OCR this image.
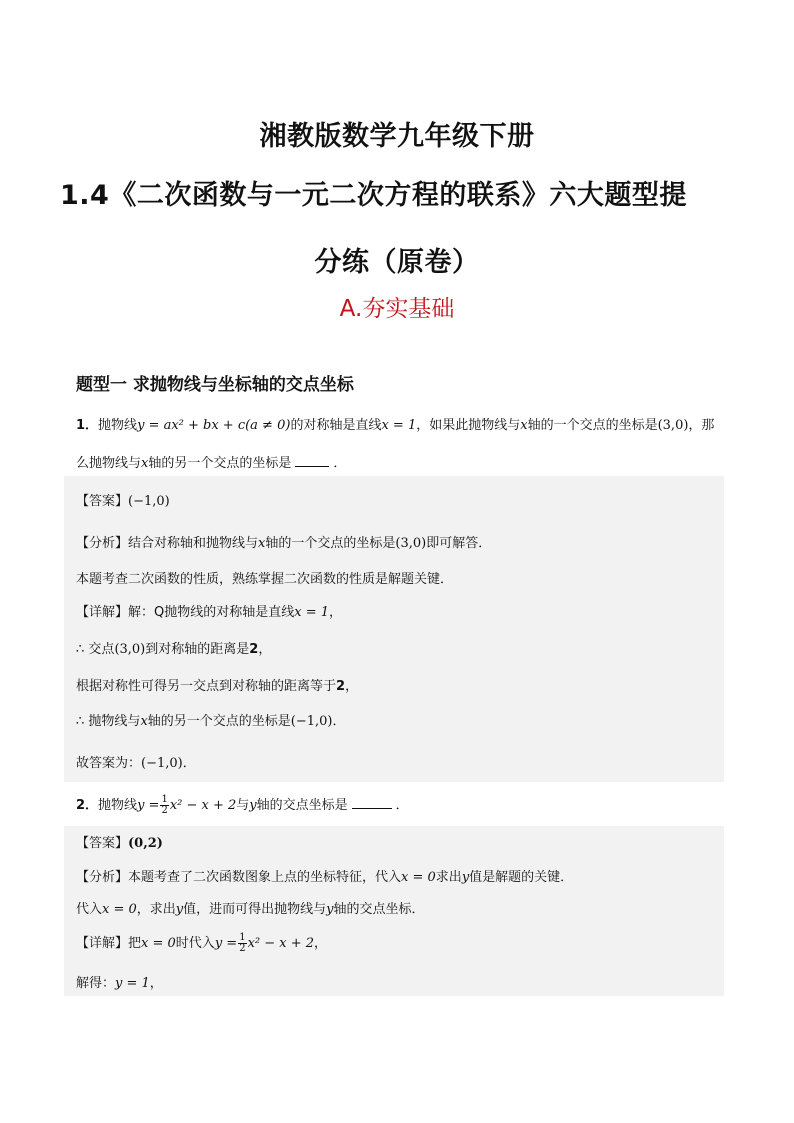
湘教版数学九年级下册
1.4《二次函数与一元二次方程的联系》六大题型提
分练（原卷）
A.夯实基础
题型一 求抛物线与坐标轴的交点坐标
1．抛物线y = ax² + bx + c(a ≠ 0)的对称轴是直线x = 1，如果此抛物线与x轴的一个交点的坐标是(3,0)，那
么抛物线与x轴的另一个交点的坐标是	．
【答案】(−1,0)
【分析】结合对称轴和抛物线与x轴的一个交点的坐标是(3,0)即可解答．
本题考查二次函数的性质，熟练掌握二次函数的性质是解题关键．
【详解】解：Q抛物线的对称轴是直线x = 1，
∴ 交点(3,0)到对称轴的距离是2，
根据对称性可得另一交点到对称轴的距离等于2，
∴ 抛物线与x轴的另一个交点的坐标是(−1,0)．
故答案为：(−1,0)．
2．抛物线$y = \frac{1}{2} x^2 - x + 2$与y轴的交点坐标是	．
【答案】(0,2)
【分析】本题考查了二次函数图象上点的坐标特征，代入x = 0求出y值是解题的关键．
代入x = 0，求出y值，进而可得出抛物线与y轴的交点坐标．
【详解】把x = 0时代入$y = \frac{1}{2} x^2 - x + 2$，
解得：y = 1，
